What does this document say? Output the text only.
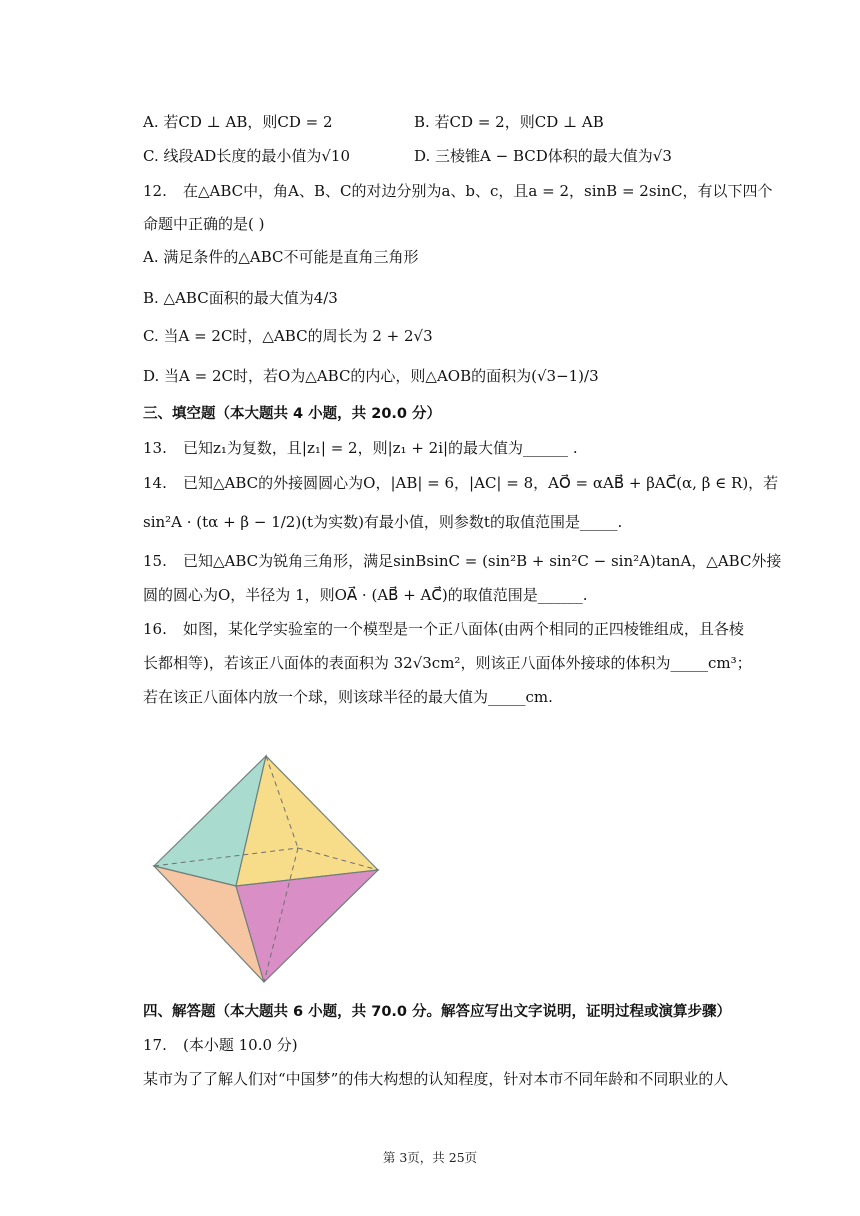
A. 若CD ⊥ AB，则CD = 2	B. 若CD = 2，则CD ⊥ AB
C. 线段AD长度的最小值为√10	D. 三棱锥A − BCD体积的最大值为√3
12. 在△ABC中，角A、B、C的对边分别为a、b、c，且a = 2，sinB = 2sinC，有以下四个
命题中正确的是( )
A. 满足条件的△ABC不可能是直角三角形
B. △ABC面积的最大值为4/3
C. 当A = 2C时，△ABC的周长为 2 + 2√3
D. 当A = 2C时，若O为△ABC的内心，则△AOB的面积为(√3−1)/3
三、填空题（本大题共 4 小题，共 20.0 分）
13. 已知z₁为复数，且|z₁| = 2，则|z₁ + 2i|的最大值为______ .
14. 已知△ABC的外接圆圆心为O，|AB| = 6，|AC| = 8，AO⃗ = αAB⃗ + βAC⃗(α, β ∈ R)，若
sin²A · (tα + β − 1/2)(t为实数)有最小值，则参数t的取值范围是_____.
15. 已知△ABC为锐角三角形，满足sinBsinC = (sin²B + sin²C − sin²A)tanA，△ABC外接
圆的圆心为O，半径为 1，则OA⃗ · (AB⃗ + AC⃗)的取值范围是______.
16. 如图，某化学实验室的一个模型是一个正八面体(由两个相同的正四棱锥组成，且各棱
长都相等)，若该正八面体的表面积为 32√3cm²，则该正八面体外接球的体积为_____cm³；
若在该正八面体内放一个球，则该球半径的最大值为_____cm.
四、解答题（本大题共 6 小题，共 70.0 分。解答应写出文字说明，证明过程或演算步骤）
17. (本小题 10.0 分)
某市为了了解人们对“中国梦”的伟大构想的认知程度，针对本市不同年龄和不同职业的人
第 3页，共 25页
